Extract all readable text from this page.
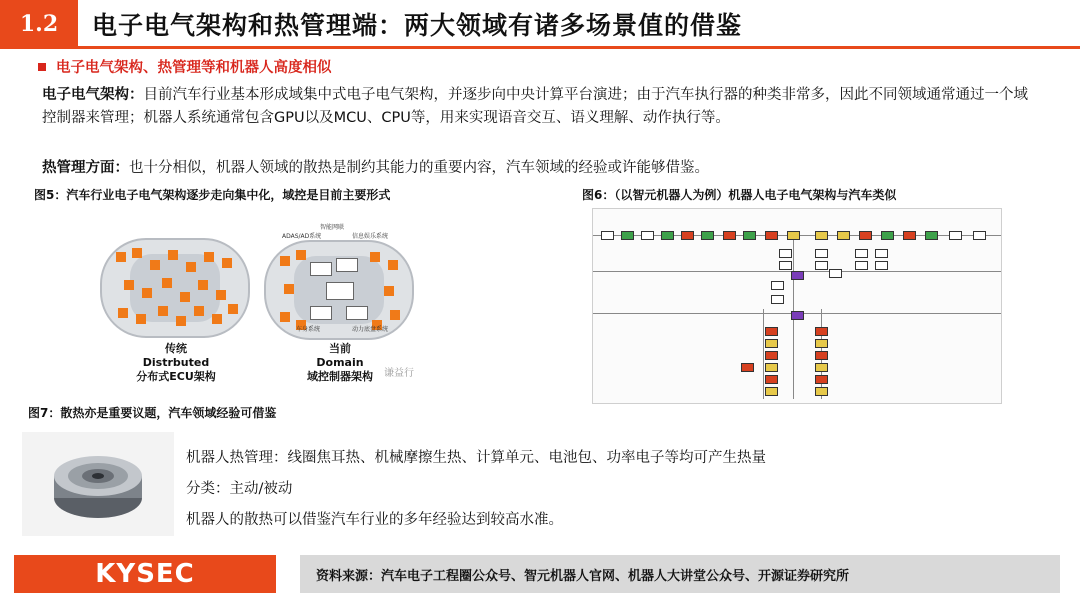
1.2	电子电气架构和热管理端：两大领域有诸多场景值的借鉴
电子电气架构、热管理等和机器人高度相似
电子电气架构：目前汽车行业基本形成域集中式电子电气架构，并逐步向中央计算平台演进；由于汽车执行器的种类非常多，因此不同领域通常通过一个域控制器来管理；机器人系统通常包含GPU以及MCU、CPU等，用来实现语音交互、语义理解、动作执行等。
热管理方面：也十分相似，机器人领域的散热是制约其能力的重要内容，汽车领域的经验或许能够借鉴。
图5：汽车行业电子电气架构逐步走向集中化，域控是目前主要形式
传统
Distrbuted
分布式ECU架构
智能网联
ADAS/AD系统	信息娱乐系统
车身系统	动力底盘系统
当前
Domain
域控制器架构	谦益行
图6：（以智元机器人为例）机器人电子电气架构与汽车类似
图7：散热亦是重要议题，汽车领域经验可借鉴
机器人热管理：线圈焦耳热、机械摩擦生热、计算单元、电池包、功率电子等均可产生热量
分类：主动/被动
机器人的散热可以借鉴汽车行业的多年经验达到较高水准。
KYSEC	资料来源：汽车电子工程圈公众号、智元机器人官网、机器人大讲堂公众号、开源证券研究所
